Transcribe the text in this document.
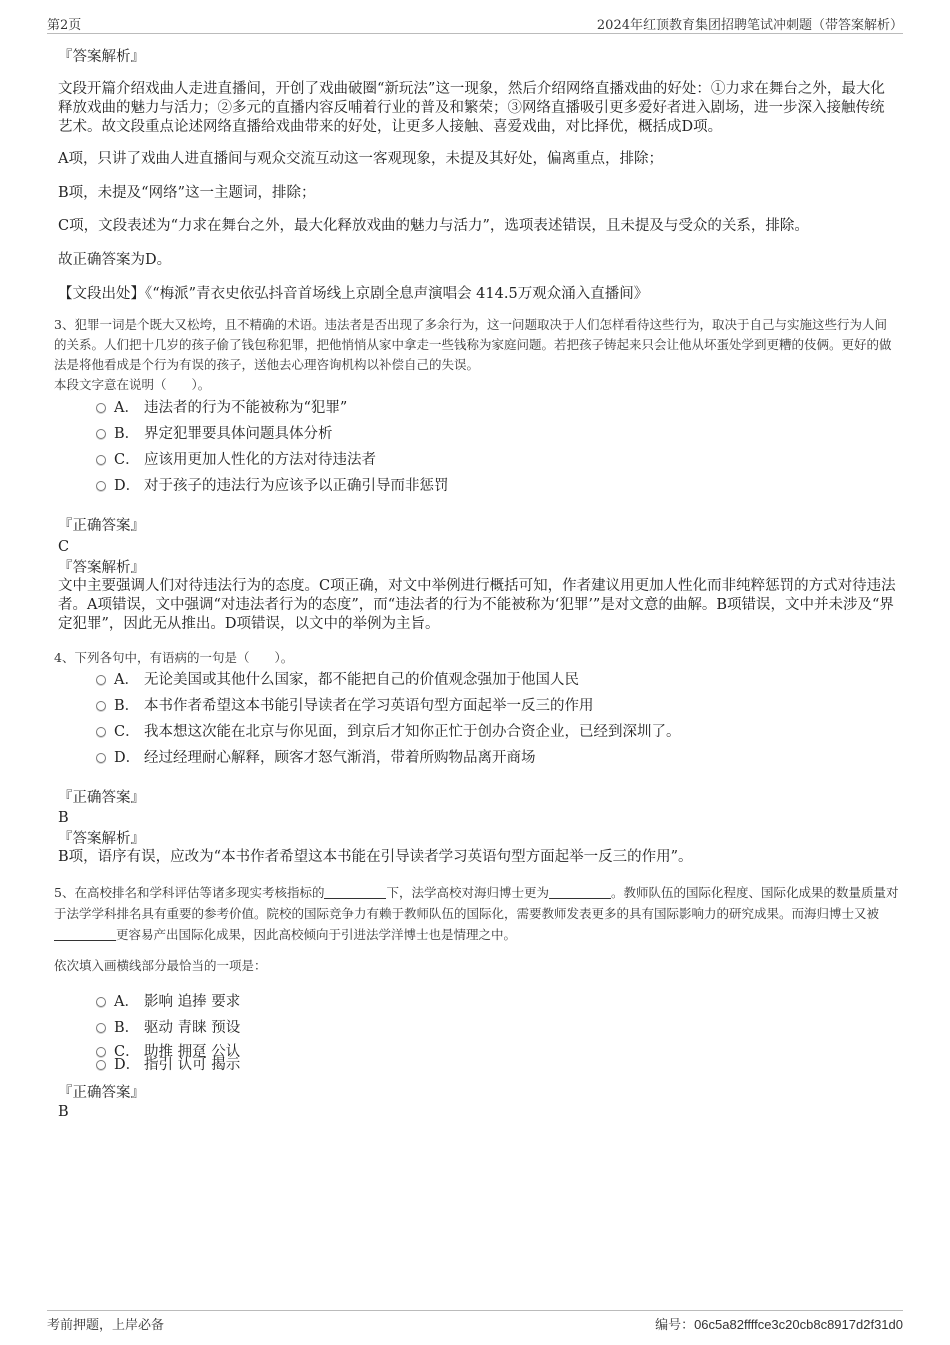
第2页	2024年红顶教育集团招聘笔试冲刺题（带答案解析）
『答案解析』
文段开篇介绍戏曲人走进直播间，开创了戏曲破圈“新玩法”这一现象，然后介绍网络直播戏曲的好处：①力求在舞台之外，最大化释放戏曲的魅力与活力；②多元的直播内容反哺着行业的普及和繁荣；③网络直播吸引更多爱好者进入剧场，进一步深入接触传统艺术。故文段重点论述网络直播给戏曲带来的好处，让更多人接触、喜爱戏曲，对比择优，概括成D项。
A项，只讲了戏曲人进直播间与观众交流互动这一客观现象，未提及其好处，偏离重点，排除；
B项，未提及“网络”这一主题词，排除；
C项，文段表述为“力求在舞台之外，最大化释放戏曲的魅力与活力”，选项表述错误，且未提及与受众的关系，排除。
故正确答案为D。
【文段出处】《“梅派”青衣史依弘抖音首场线上京剧全息声演唱会 414.5万观众涌入直播间》
3、犯罪一词是个既大又松垮，且不精确的术语。违法者是否出现了多余行为，这一问题取决于人们怎样看待这些行为，取决于自己与实施这些行为人间的关系。人们把十几岁的孩子偷了钱包称犯罪，把他悄悄从家中拿走一些钱称为家庭问题。若把孩子铸起来只会让他从坏蛋处学到更糟的伎俩。更好的做法是将他看成是个行为有误的孩子，送他去心理咨询机构以补偿自己的失误。
本段文字意在说明（　　）。
A． 违法者的行为不能被称为“犯罪”
B． 界定犯罪要具体问题具体分析
C． 应该用更加人性化的方法对待违法者
D． 对于孩子的违法行为应该予以正确引导而非惩罚
『正确答案』
C
『答案解析』
文中主要强调人们对待违法行为的态度。C项正确，对文中举例进行概括可知，作者建议用更加人性化而非纯粹惩罚的方式对待违法者。A项错误，文中强调“对违法者行为的态度”，而“违法者的行为不能被称为‘犯罪’”是对文意的曲解。B项错误，文中并未涉及“界定犯罪”，因此无从推出。D项错误，以文中的举例为主旨。
4、下列各句中，有语病的一句是（　　）。
A． 无论美国或其他什么国家，都不能把自己的价值观念强加于他国人民
B． 本书作者希望这本书能引导读者在学习英语句型方面起举一反三的作用
C． 我本想这次能在北京与你见面，到京后才知你正忙于创办合资企业，已经到深圳了。
D． 经过经理耐心解释，顾客才怒气渐消，带着所购物品离开商场
『正确答案』
B
『答案解析』
B项，语序有误，应改为“本书作者希望这本书能在引导读者学习英语句型方面起举一反三的作用”。
5、在高校排名和学科评估等诸多现实考核指标的	下，法学高校对海归博士更为	。教师队伍的国际化程度、国际化成果的数量质量对于法学学科排名具有重要的参考价值。院校的国际竞争力有赖于教师队伍的国际化，需要教师发表更多的具有国际影响力的研究成果。而海归博士又被更容易产出国际化成果，因此高校倾向于引进法学洋博士也是情理之中。
依次填入画横线部分最恰当的一项是：
A． 影响 追捧 要求
B． 驱动 青睐 预设
C． 助推 拥趸 公认
D． 指引 认可 揭示
『正确答案』
B
考前押题，上岸必备	编号：06c5a82ffffce3c20cb8c8917d2f31d0
